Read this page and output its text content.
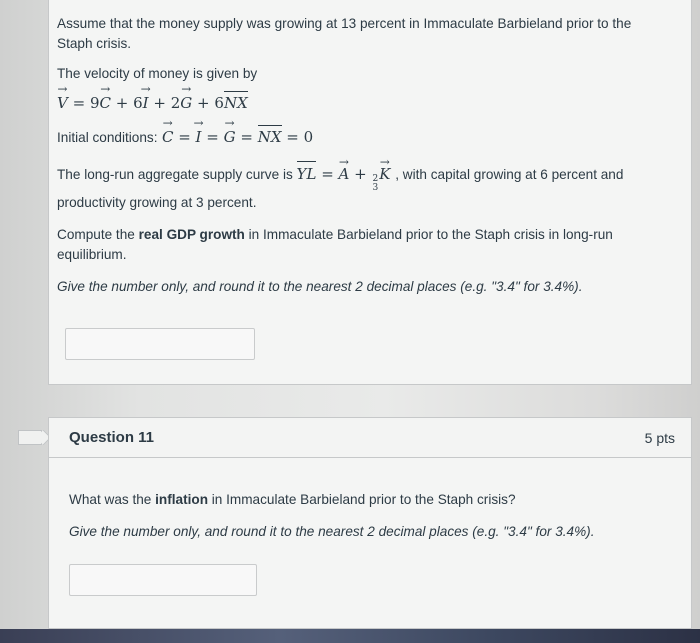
Assume that the money supply was growing at 13 percent in Immaculate Barbieland prior to the Staph crisis.

The velocity of money is given by

→ V = 9→ C + 6→ I + 2→ G + 6NX
Initial conditions: → C = → I = → G = NX = 0

The long-run aggregate supply curve is YL = → A + 2
3
→ K , with capital growing at 6 percent and productivity growing at 3 percent.

Compute the real GDP growth in Immaculate Barbieland prior to the Staph crisis in long-run equilibrium.

Give the number only, and round it to the nearest 2 decimal places (e.g. "3.4" for 3.4%).

Question 11	5 pts

What was the inflation in Immaculate Barbieland prior to the Staph crisis?

Give the number only, and round it to the nearest 2 decimal places (e.g. "3.4" for 3.4%).
